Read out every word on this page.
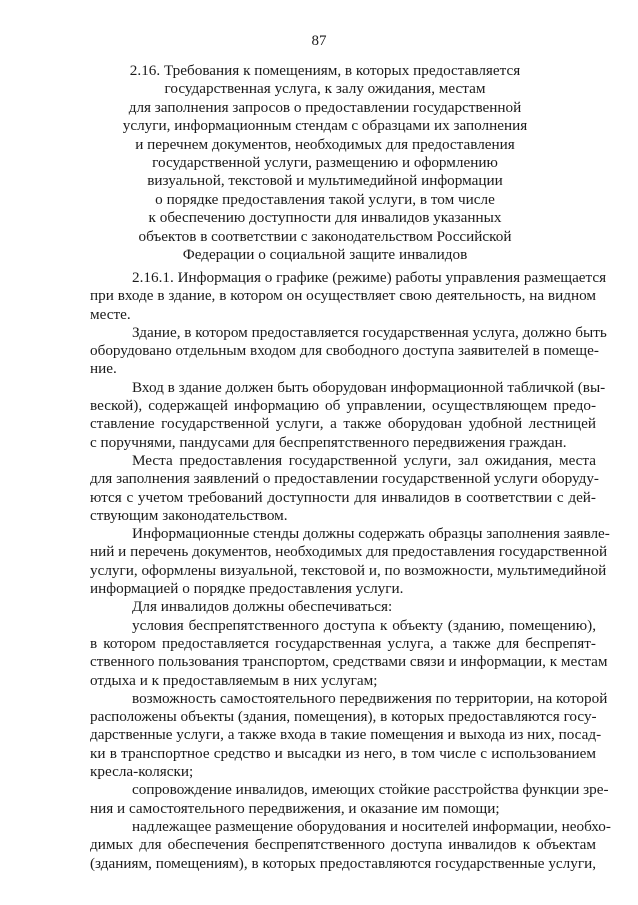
87
2.16. Требования к помещениям, в которых предоставляется
государственная услуга, к залу ожидания, местам
для заполнения запросов о предоставлении государственной
услуги, информационным стендам с образцами их заполнения
и перечнем документов, необходимых для предоставления
государственной услуги, размещению и оформлению
визуальной, текстовой и мультимедийной информации
о порядке предоставления такой услуги, в том числе
к обеспечению доступности для инвалидов указанных
объектов в соответствии с законодательством Российской
Федерации о социальной защите инвалидов
2.16.1. Информация о графике (режиме) работы управления размещается
при входе в здание, в котором он осуществляет свою деятельность, на видном
месте.
Здание, в котором предоставляется государственная услуга, должно быть
оборудовано отдельным входом для свободного доступа заявителей в помеще-
ние.
Вход в здание должен быть оборудован информационной табличкой (вы-
веской), содержащей информацию об управлении, осуществляющем предо-
ставление государственной услуги, а также оборудован удобной лестницей
с поручнями, пандусами для беспрепятственного передвижения граждан.
Места предоставления государственной услуги, зал ожидания, места
для заполнения заявлений о предоставлении государственной услуги оборуду-
ются с учетом требований доступности для инвалидов в соответствии с дей-
ствующим законодательством.
Информационные стенды должны содержать образцы заполнения заявле-
ний и перечень документов, необходимых для предоставления государственной
услуги, оформлены визуальной, текстовой и, по возможности, мультимедийной
информацией о порядке предоставления услуги.
Для инвалидов должны обеспечиваться:
условия беспрепятственного доступа к объекту (зданию, помещению),
в котором предоставляется государственная услуга, а также для беспрепят-
ственного пользования транспортом, средствами связи и информации, к местам
отдыха и к предоставляемым в них услугам;
возможность самостоятельного передвижения по территории, на которой
расположены объекты (здания, помещения), в которых предоставляются госу-
дарственные услуги, а также входа в такие помещения и выхода из них, посад-
ки в транспортное средство и высадки из него, в том числе с использованием
кресла-коляски;
сопровождение инвалидов, имеющих стойкие расстройства функции зре-
ния и самостоятельного передвижения, и оказание им помощи;
надлежащее размещение оборудования и носителей информации, необхо-
димых для обеспечения беспрепятственного доступа инвалидов к объектам
(зданиям, помещениям), в которых предоставляются государственные услуги,
